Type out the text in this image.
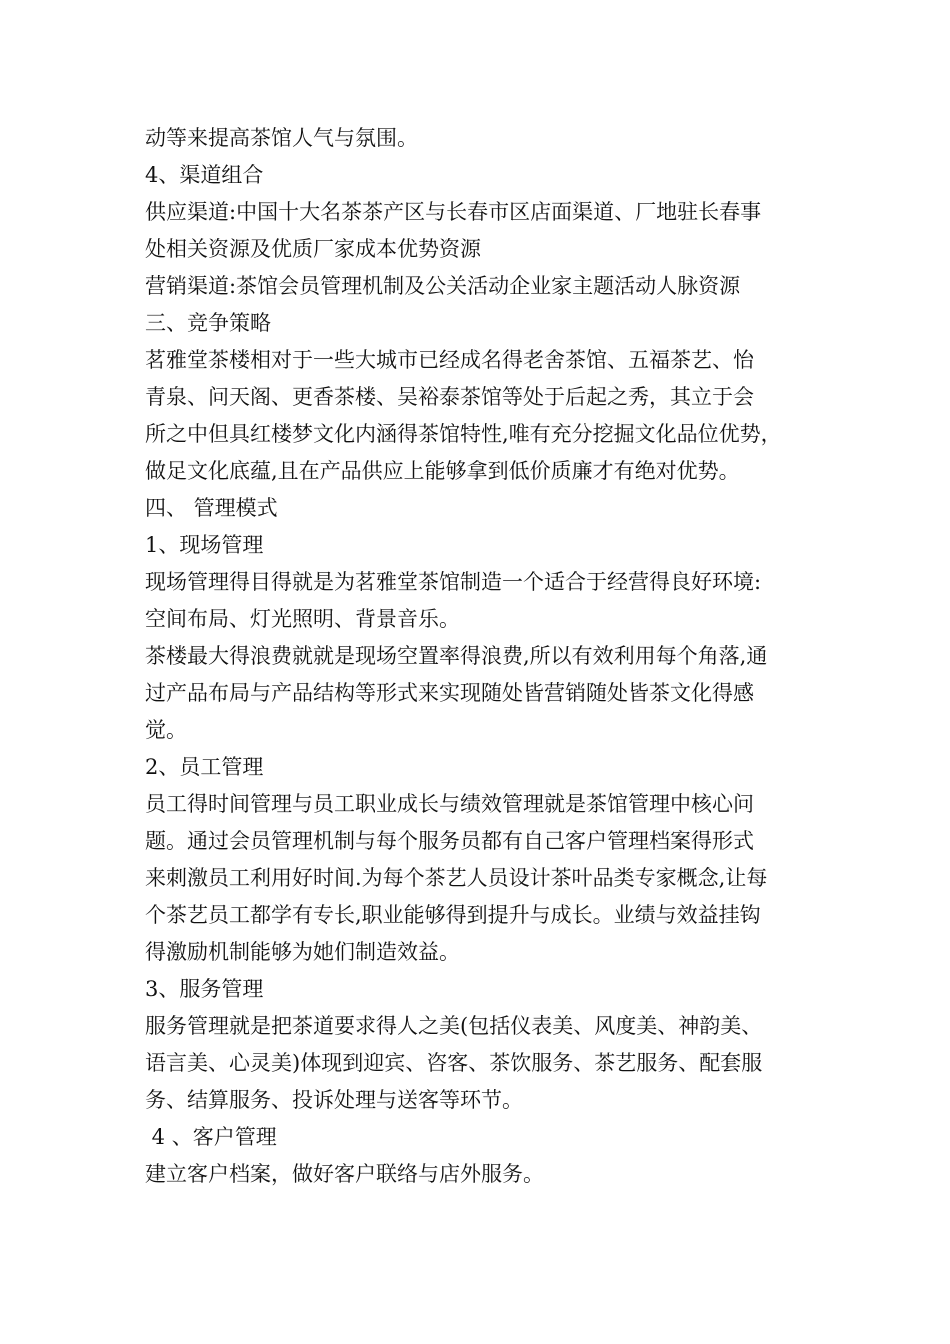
动等来提高茶馆人气与氛围。

4、渠道组合

供应渠道:中国十大名茶茶产区与长春市区店面渠道、厂地驻长春事

处相关资源及优质厂家成本优势资源

营销渠道:茶馆会员管理机制及公关活动企业家主题活动人脉资源

三、竞争策略

茗雅堂茶楼相对于一些大城市已经成名得老舍茶馆、五福茶艺、怡

青泉、问天阁、更香茶楼、吴裕泰茶馆等处于后起之秀，其立于会

所之中但具红楼梦文化内涵得茶馆特性,唯有充分挖掘文化品位优势，

做足文化底蕴,且在产品供应上能够拿到低价质廉才有绝对优势。

四、 管理模式

1、现场管理

现场管理得目得就是为茗雅堂茶馆制造一个适合于经营得良好环境:

空间布局、灯光照明、背景音乐。

茶楼最大得浪费就就是现场空置率得浪费,所以有效利用每个角落,通

过产品布局与产品结构等形式来实现随处皆营销随处皆茶文化得感

觉。

2、员工管理

员工得时间管理与员工职业成长与绩效管理就是茶馆管理中核心问

题。通过会员管理机制与每个服务员都有自己客户管理档案得形式

来刺激员工利用好时间.为每个茶艺人员设计茶叶品类专家概念,让每

个茶艺员工都学有专长,职业能够得到提升与成长。业绩与效益挂钩

得激励机制能够为她们制造效益。

3、服务管理

服务管理就是把茶道要求得人之美(包括仪表美、风度美、神韵美、

语言美、心灵美)体现到迎宾、咨客、茶饮服务、茶艺服务、配套服

务、结算服务、投诉处理与送客等环节。

4 、客户管理

建立客户档案，做好客户联络与店外服务。
